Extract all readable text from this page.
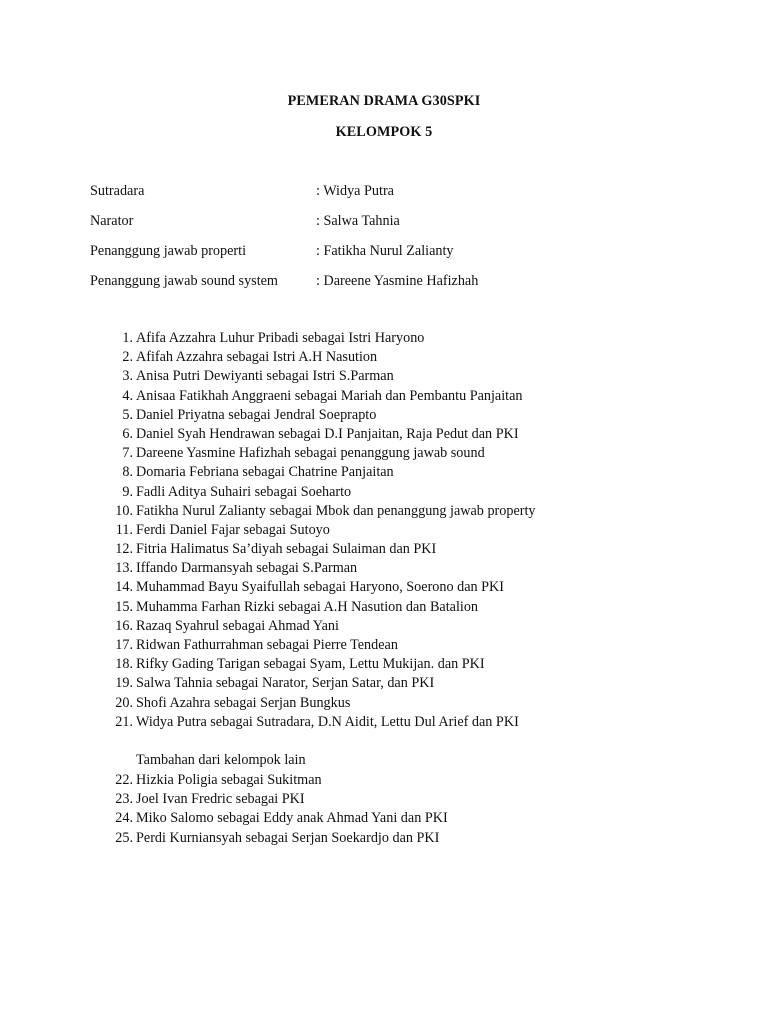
PEMERAN DRAMA G30SPKI
KELOMPOK 5
Sutradara	: Widya Putra
Narator	: Salwa Tahnia
Penanggung jawab properti	: Fatikha Nurul Zalianty
Penanggung jawab sound system	: Dareene Yasmine Hafizhah
1. Afifa Azzahra Luhur Pribadi sebagai Istri Haryono
2. Afifah Azzahra sebagai Istri A.H Nasution
3. Anisa Putri Dewiyanti sebagai Istri S.Parman
4. Anisaa Fatikhah Anggraeni sebagai Mariah dan Pembantu Panjaitan
5. Daniel Priyatna sebagai Jendral Soeprapto
6. Daniel Syah Hendrawan sebagai D.I Panjaitan, Raja Pedut dan PKI
7. Dareene Yasmine Hafizhah sebagai penanggung jawab sound
8. Domaria Febriana sebagai Chatrine Panjaitan
9. Fadli Aditya Suhairi sebagai Soeharto
10. Fatikha Nurul Zalianty sebagai Mbok dan penanggung jawab property
11. Ferdi Daniel Fajar sebagai Sutoyo
12. Fitria Halimatus Sa’diyah sebagai Sulaiman dan PKI
13. Iffando Darmansyah sebagai S.Parman
14. Muhammad Bayu Syaifullah sebagai Haryono, Soerono dan PKI
15. Muhamma Farhan Rizki sebagai A.H Nasution dan Batalion
16. Razaq Syahrul sebagai Ahmad Yani
17. Ridwan Fathurrahman sebagai Pierre Tendean
18. Rifky Gading Tarigan sebagai Syam, Lettu Mukijan. dan PKI
19. Salwa Tahnia sebagai Narator, Serjan Satar, dan PKI
20. Shofi Azahra sebagai Serjan Bungkus
21. Widya Putra sebagai Sutradara, D.N Aidit, Lettu Dul Arief dan PKI
Tambahan dari kelompok lain
22. Hizkia Poligia sebagai Sukitman
23. Joel Ivan Fredric sebagai PKI
24. Miko Salomo sebagai Eddy anak Ahmad Yani dan PKI
25. Perdi Kurniansyah sebagai Serjan Soekardjo dan PKI
